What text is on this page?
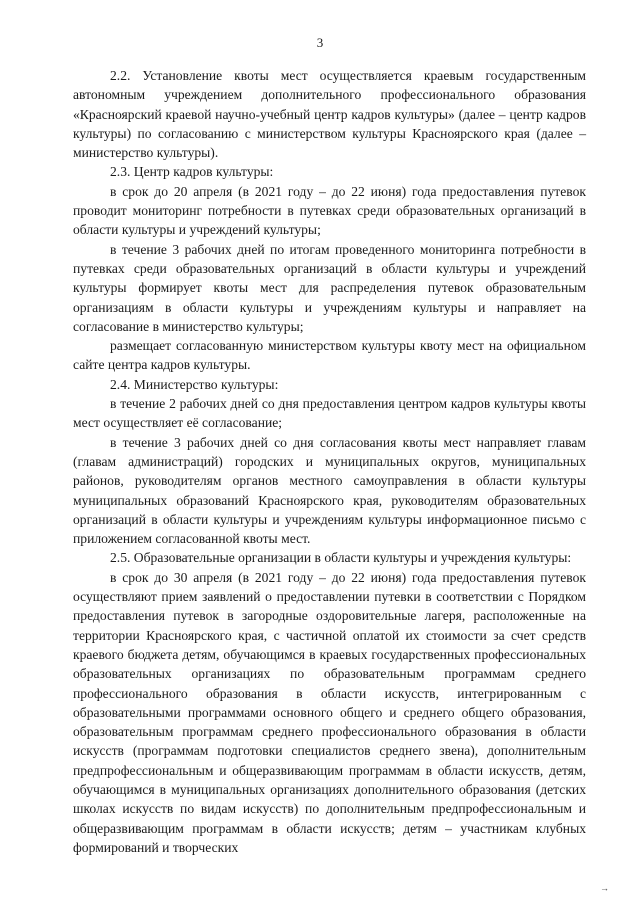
3

2.2. Установление квоты мест осуществляется краевым государственным автономным учреждением дополнительного профессионального образования «Красноярский краевой научно-учебный центр кадров культуры» (далее – центр кадров культуры) по согласованию с министерством культуры Красноярского края (далее – министерство культуры).

2.3. Центр кадров культуры:

в срок до 20 апреля (в 2021 году – до 22 июня) года предоставления путевок проводит мониторинг потребности в путевках среди образовательных организаций в области культуры и учреждений культуры;

в течение 3 рабочих дней по итогам проведенного мониторинга потребности в путевках среди образовательных организаций в области культуры и учреждений культуры формирует квоты мест для распределения путевок образовательным организациям в области культуры и учреждениям культуры и направляет на согласование в министерство культуры;

размещает согласованную министерством культуры квоту мест на официальном сайте центра кадров культуры.

2.4. Министерство культуры:

в течение 2 рабочих дней со дня предоставления центром кадров культуры квоты мест осуществляет её согласование;

в течение 3 рабочих дней со дня согласования квоты мест направляет главам (главам администраций) городских и муниципальных округов, муниципальных районов, руководителям органов местного самоуправления в области культуры муниципальных образований Красноярского края, руководителям образовательных организаций в области культуры и учреждениям культуры информационное письмо с приложением согласованной квоты мест.

2.5. Образовательные организации в области культуры и учреждения культуры:

в срок до 30 апреля (в 2021 году – до 22 июня) года предоставления путевок осуществляют прием заявлений о предоставлении путевки в соответствии с Порядком предоставления путевок в загородные оздоровительные лагеря, расположенные на территории Красноярского края, с частичной оплатой их стоимости за счет средств краевого бюджета детям, обучающимся в краевых государственных профессиональных образовательных организациях по образовательным программам среднего профессионального образования в области искусств, интегрированным с образовательными программами основного общего и среднего общего образования, образовательным программам среднего профессионального образования в области искусств (программам подготовки специалистов среднего звена), дополнительным предпрофессиональным и общеразвивающим программам в области искусств, детям, обучающимся в муниципальных организациях дополнительного образования (детских школах искусств по видам искусств) по дополнительным предпрофессиональным и общеразвивающим программам в области искусств; детям – участникам клубных формирований и творческих

→
